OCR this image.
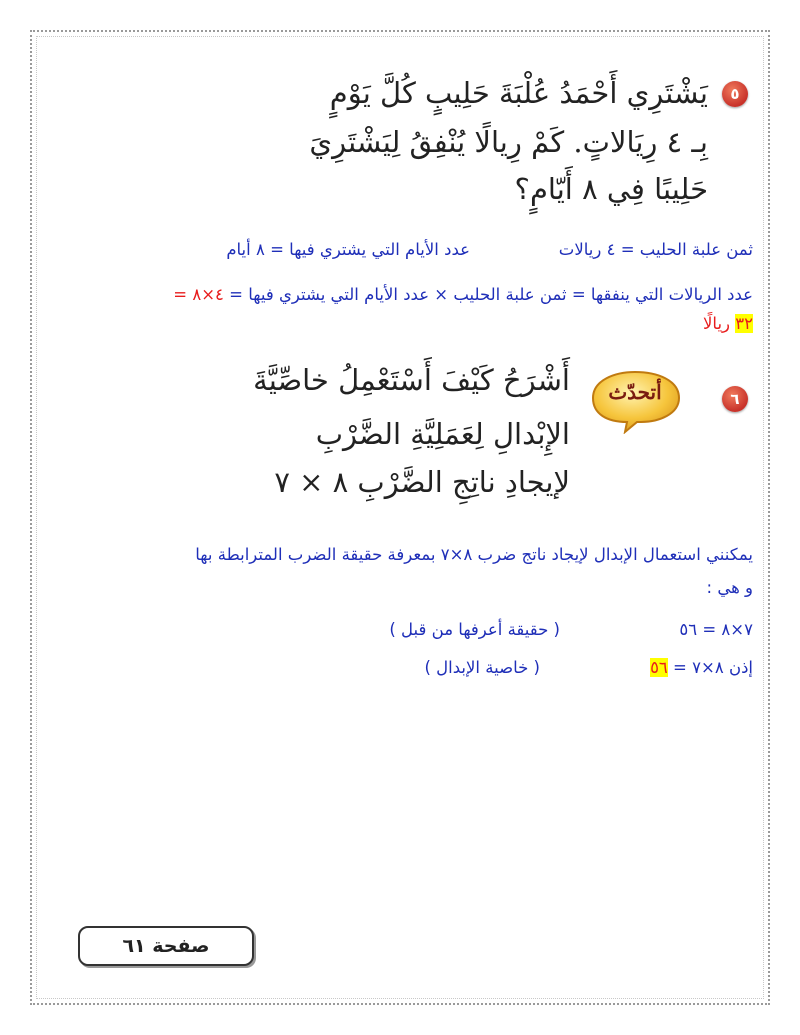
٥
يَشْتَرِي أَحْمَدُ عُلْبَةَ حَلِيبٍ كُلَّ يَوْمٍ
بِـ ٤ رِيَالاتٍ. كَمْ رِيالًا يُنْفِقُ لِيَشْتَرِيَ
حَلِيبًا فِي ٨ أَيّامٍ؟
ثمن علبة الحليب = ٤ ريالات
عدد الأيام التي يشتري فيها = ٨ أيام
عدد الريالات التي ينفقها = ثمن علبة الحليب × عدد الأيام التي يشتري فيها = ٤×٨ =
٣٢ ريالًا
٦
أتحدّث
أَشْرَحُ كَيْفَ أَسْتَعْمِلُ خاصِّيَّةَ
الإِبْدالِ لِعَمَلِيَّةِ الضَّرْبِ
لإيجادِ ناتِجِ الضَّرْبِ ٨ × ٧
يمكنني استعمال الإبدال لإيجاد ناتج ضرب ٨×٧ بمعرفة حقيقة الضرب المترابطة بها
و هي :
٧×٨ = ٥٦
( حقيقة أعرفها من قبل )
إذن ٨×٧ = ٥٦
( خاصية الإبدال )
صفحة ٦١
